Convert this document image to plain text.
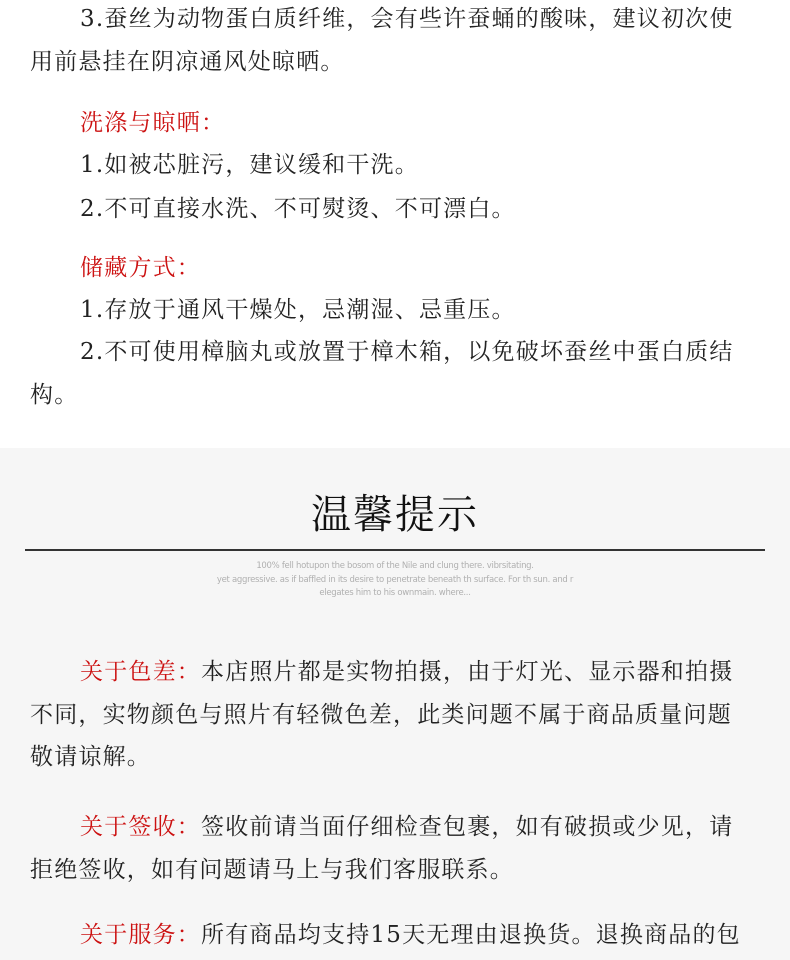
3.蚕丝为动物蛋白质纤维，会有些许蚕蛹的酸味，建议初次使
用前悬挂在阴凉通风处晾晒。
洗涤与晾晒：
1.如被芯脏污，建议缓和干洗。
2.不可直接水洗、不可熨烫、不可漂白。
储藏方式：
1.存放于通风干燥处，忌潮湿、忌重压。
2.不可使用樟脑丸或放置于樟木箱，以免破坏蚕丝中蛋白质结
构。
温馨提示
100% fell hotupon the bosom of the Nile and clung there. vibrsitating.
yet aggressive. as if baffled in its desire to penetrate beneath th surface. For th sun. and r
elegates him to his ownmain. where...
关于色差：本店照片都是实物拍摄，由于灯光、显示器和拍摄
不同，实物颜色与照片有轻微色差，此类问题不属于商品质量问题
敬请谅解。
关于签收：签收前请当面仔细检查包裹，如有破损或少见，请
拒绝签收，如有问题请马上与我们客服联系。
关于服务：所有商品均支持15天无理由退换货。退换商品的包
